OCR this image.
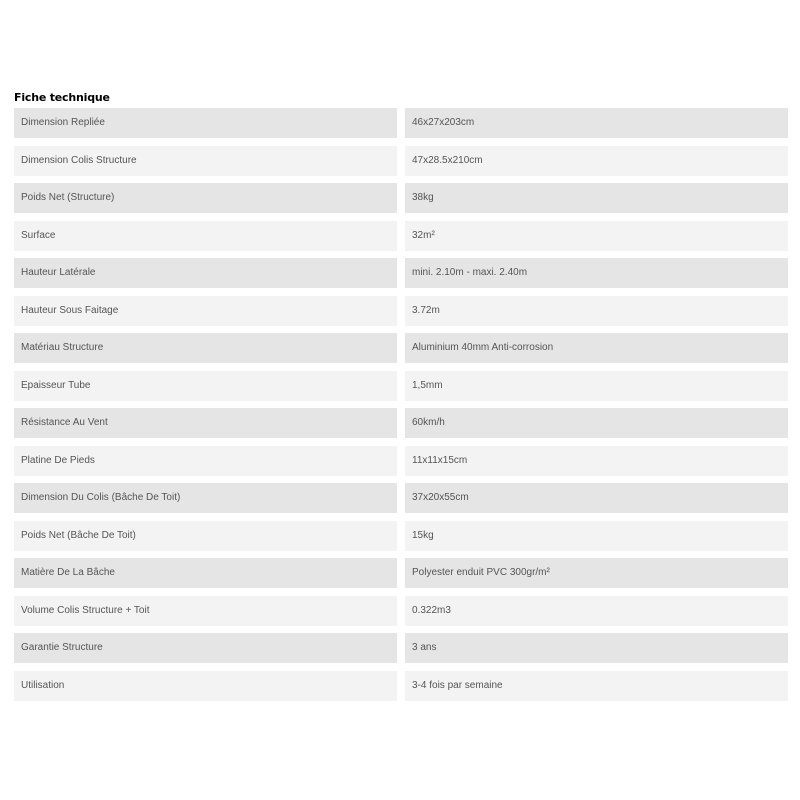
Fiche technique
Dimension Repliée	46x27x203cm
Dimension Colis Structure	47x28.5x210cm
Poids Net (Structure)	38kg
Surface	32m²
Hauteur Latérale	mini. 2.10m - maxi. 2.40m
Hauteur Sous Faitage	3.72m
Matériau Structure	Aluminium 40mm Anti-corrosion
Epaisseur Tube	1,5mm
Résistance Au Vent	60km/h
Platine De Pieds	11x11x15cm
Dimension Du Colis (Bâche De Toit)	37x20x55cm
Poids Net (Bâche De Toit)	15kg
Matière De La Bâche	Polyester enduit PVC 300gr/m²
Volume Colis Structure + Toit	0.322m3
Garantie Structure	3 ans
Utilisation	3-4 fois par semaine
